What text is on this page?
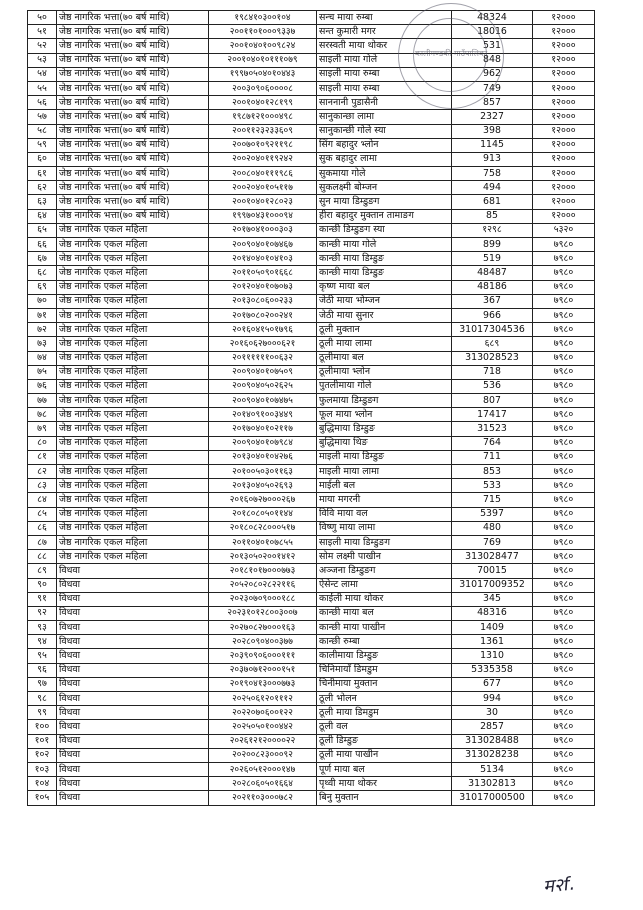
५०	जेष्ठ नागरिक भत्ता(७० बर्ष माथि)	१९८४१०३००१०४	सन्च माया रुम्बा	48324	१२०००	
५१	जेष्ठ नागरिक भत्ता(७० बर्ष माथि)	२००११०१०००९३३७	सन्त कुमारी मगर	18016	१२०००	
५२	जेष्ठ नागरिक भत्ता(७० बर्ष माथि)	२००१०४०१००९८२४	सरस्वती माया थोकर	531	१२०००	
५३	जेष्ठ नागरिक भत्ता(७० बर्ष माथि)	२००१०४०१०१११०७९	साइली माया गोले	848	१२०००	
५४	जेष्ठ नागरिक भत्ता(७० बर्ष माथि)	१९९७०५०४०१०४४३	साइली माया रुम्बा	962	१२०००	
५५	जेष्ठ नागरिक भत्ता(७० बर्ष माथि)	२००३०९०६००००८	साइली माया रुम्बा	749	१२०००	
५६	जेष्ठ नागरिक भत्ता(७० बर्ष माथि)	२००१०४०१२८१९९	साननानी पुडासैनी	857	१२०००	
५७	जेष्ठ नागरिक भत्ता(७० बर्ष माथि)	१९८७१२१०००४९८	सानुकान्छा लामा	2327	१२०००	
५८	जेष्ठ नागरिक भत्ता(७० बर्ष माथि)	२००११२३२३३६०९	सानुकान्छी गोले स्या	398	१२०००	
५९	जेष्ठ नागरिक भत्ता(७० बर्ष माथि)	२००७०१०९२११९८	सिंग बहादुर भ्लोन	1145	१२०००	
६०	जेष्ठ नागरिक भत्ता(७० बर्ष माथि)	२००२०४०११९२४२	सुक बहादुर लामा	913	१२०००	
६१	जेष्ठ नागरिक भत्ता(७० बर्ष माथि)	२००८०४०१११९८६	सुकमाया गोले	758	१२०००	
६२	जेष्ठ नागरिक भत्ता(७० बर्ष माथि)	२००२०४०१०५११७	सुकलक्ष्मी बोम्जन	494	१२०००	
६३	जेष्ठ नागरिक भत्ता(७० बर्ष माथि)	२००१०४०१२८०२३	सुन माया डिम्डुङग	681	१२०००	
६४	जेष्ठ नागरिक भत्ता(७० बर्ष माथि)	१९९७०४३१०००९४	हीरा बहादुर मुक्तान तामाङग	85	१२०००	
६५	जेष्ठ नागरिक एकल महिला	२०१७०४१०००३०३	कान्छी डिम्डुङग स्या	१२९८	५३२०	
६६	जेष्ठ नागरिक एकल महिला	२००९०४०१०७४६७	कान्छी माया गोले	899	७९८०	
६७	जेष्ठ नागरिक एकल महिला	२०१४०४०१०४१०३	कान्छी माया डिम्डुङ	519	७९८०	
६८	जेष्ठ नागरिक एकल महिला	२०११०५०९०१६६८	कान्छी माया डिम्डुङ	48487	७९८०	
६९	जेष्ठ नागरिक एकल महिला	२०१२०४०१०७०७३	कृष्ण माया बल	48186	७९८०	
७०	जेष्ठ नागरिक एकल महिला	२०१३०८०६००२३३	जेठी माया भोम्जन	367	७९८०	
७१	जेष्ठ नागरिक एकल महिला	२०१७०८०२००२४१	जेठी माया सुनार	966	७९८०	
७२	जेष्ठ नागरिक एकल महिला	२०१६०४१५०१७९६	ठूली मुक्तान	31017304536	७९८०	
७३	जेष्ठ नागरिक एकल महिला	२०१६०६२७०००६२१	ठूली माया लामा	६८९	७९८०	
७४	जेष्ठ नागरिक एकल महिला	२०११११११००६३२	ठूलीमाया बल	313028523	७९८०	
७५	जेष्ठ नागरिक एकल महिला	२००९०४०१०७५०९	ठूलीमाया भ्लोन	718	७९८०	
७६	जेष्ठ नागरिक एकल महिला	२००९०४०५०२६२५	पुतलीमाया गोले	536	७९८०	
७७	जेष्ठ नागरिक एकल महिला	२००९०४०१०७४७५	फुलमाया डिम्डुङग	807	७९८०	
७८	जेष्ठ नागरिक एकल महिला	२०१४०९१००३४४९	फूल माया भ्लोन	17417	७९८०	
७९	जेष्ठ नागरिक एकल महिला	२०१७०४०१०२११७	बुद्धिमाया डिम्डुङ	31523	७९८०	
८०	जेष्ठ नागरिक एकल महिला	२००९०४०१०७९८४	बुद्धिमाया थिङ	764	७९८०	
८१	जेष्ठ नागरिक एकल महिला	२०१३०४०१०४२७६	माइली माया डिम्डुङ	711	७९८०	
८२	जेष्ठ नागरिक एकल महिला	२०१००५०३०११६३	माइली माया लामा	853	७९८०	
८३	जेष्ठ नागरिक एकल महिला	२०१३०४०५०२६९३	माईली बल	533	७९८०	
८४	जेष्ठ नागरिक एकल महिला	२०१६०७२७०००२६७	माया मगरनी	715	७९८०	
८५	जेष्ठ नागरिक एकल महिला	२०१८०८०५०११४४	विवि माया वल	5397	७९८०	
८६	जेष्ठ नागरिक एकल महिला	२०१८०८२८०००५१७	विष्णु माया लामा	480	७९८०	
८७	जेष्ठ नागरिक एकल महिला	२०११०४०१०७८५५	साइली माया डिम्डुङग	769	७९८०	
८८	जेष्ठ नागरिक एकल महिला	२०१३०५०२००१४१२	सोम लक्ष्मी पाखीन	313028477	७९८०	
८९	विधवा	२०१८१०१७०००७७३	अञ्जना डिम्डुङग	70015	७९८०	
९०	विधवा	२०५२०८०२८२२११६	ऐसेन्ट लामा	31017009352	७९८०	
९१	विधवा	२०२३०७०९०००१८८	काईली माया थोकर	345	७९८०	
९२	विधवा	२०२३१०१२८००३००७	कान्छी माया बल	48316	७९८०	
९३	विधवा	२०२७०८२७०००१६३	कान्छी माया पाखीन	1409	७९८०	
९४	विधवा	२०२८०९०४००३७७	कान्छी रुम्बा	1361	७९८०	
९५	विधवा	२०३९०९०६०००१११	कालीमाया डिम्डुङ	1310	७९८०	
९६	विधवा	२०३७०७१२०००१५१	चिनिमायाँ डिमडुम	5335358	७९८०	
९७	विधवा	२०१९०४१३०००७७३	चिनीमाया मुक्तान	677	७९८०	
९८	विधवा	२०२५०६१२०१११२	ठूली भोलन	994	७९८०	
९९	विधवा	२०२२०७०६००१२२	ठूली माया डिमडुम	30	७९८०	
१००	विधवा	२०२५०५०१००४४२	ठूली वल	2857	७९८०	
१०१	विधवा	२०२६१२१२००००२२	ठूली डिम्डुङ	313028488	७९८०	
१०२	विधवा	२०२००८२३०००९२	ठूली माया पाखीन	313028238	७९८०	
१०३	विधवा	२०२६०५१२०००१४७	पूर्ण माया बल	5134	७९८०	
१०४	विधवा	२०२८०६०५०१६६४	पृथ्वी माया थोकर	31302813	७९८०	
१०५	विधवा	२०२११०३०००७८२	बिनु मुक्तान	31017000500	७९८०	
कालीगण्डकी गाउँपालिका
म२f.
